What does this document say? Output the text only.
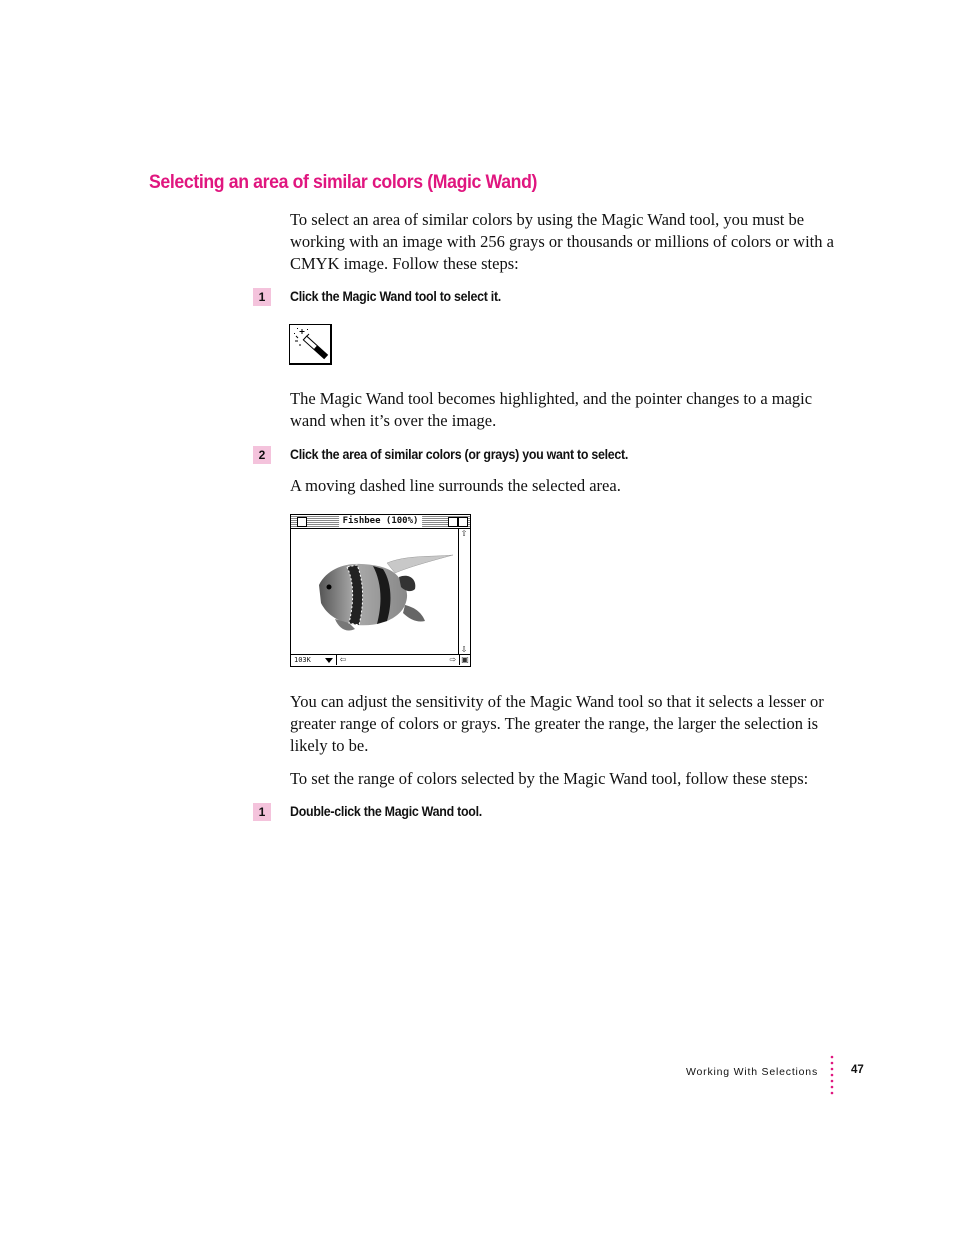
Selecting an area of similar colors (Magic Wand)

To select an area of similar colors by using the Magic Wand tool, you must be working with an image with 256 grays or thousands or millions of colors or with a CMYK image. Follow these steps:

1	Click the Magic Wand tool to select it.

The Magic Wand tool becomes highlighted, and the pointer changes to a magic wand when it’s over the image.

2	Click the area of similar colors (or grays) you want to select.

A moving dashed line surrounds the selected area.

Fishbee (100%)
⇧
⇩
103K	⇦	⇨ ▣

You can adjust the sensitivity of the Magic Wand tool so that it selects a lesser or greater range of colors or grays. The greater the range, the larger the selection is likely to be.

To set the range of colors selected by the Magic Wand tool, follow these steps:

1	Double-click the Magic Wand tool.
Working With Selections	47
